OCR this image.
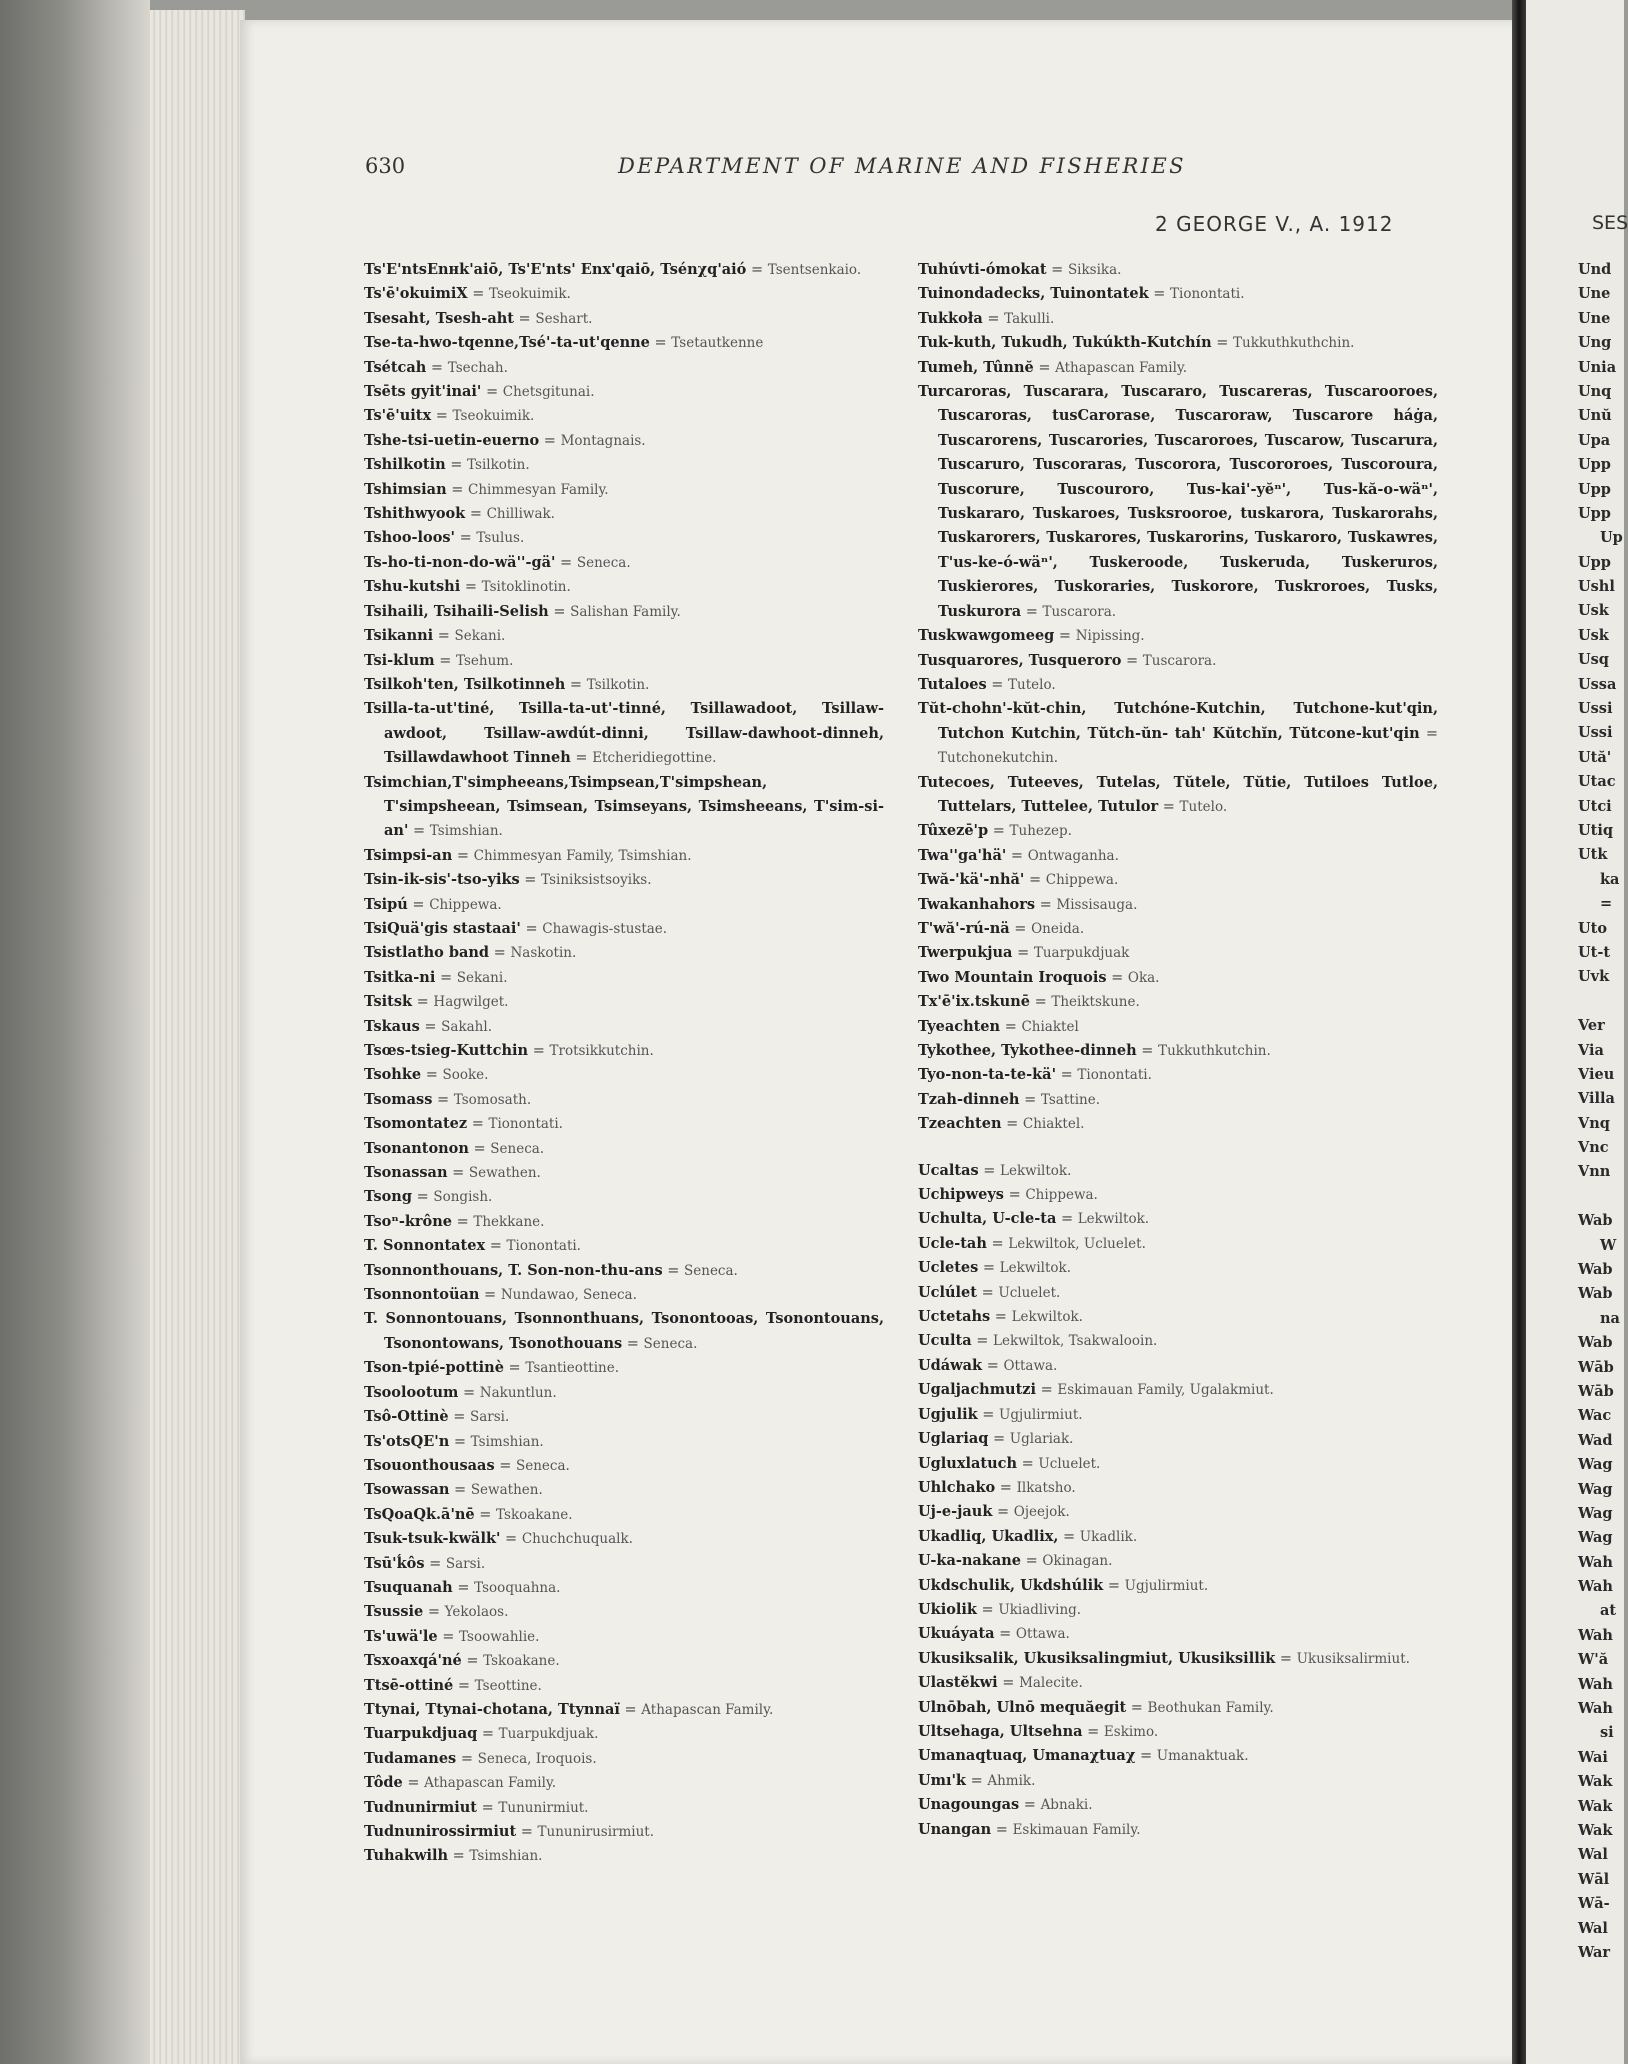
630	DEPARTMENT OF MARINE AND FISHERIES
2 GEORGE V., A. 1912

Ts'E'ntsEnнk'aiō, Ts'E'nts' Enx'qaiō, Tsénχq'aió = Tsentsenkaio.

Ts'ē'okuimiX = Tseokuimik.

Tsesaht, Tsesh-aht = Seshart.

Tse-ta-hwo-tqenne,Tsé'-ta-ut'qenne = Tsetautkenne

Tsétcah = Tsechah.

Tsēts gyit'inai' = Chetsgitunai.

Ts'ē'uitx = Tseokuimik.

Tshe-tsi-uetin-euerno = Montagnais.

Tshilkotin = Tsilkotin.

Tshimsian = Chimmesyan Family.

Tshithwyook = Chilliwak.

Tshoo-loos' = Tsulus.

Ts-ho-ti-non-do-wä''-gä' = Seneca.

Tshu-kutshi = Tsitoklinotin.

Tsihaili, Tsihaili-Selish = Salishan Family.

Tsikanni = Sekani.

Tsi-klum = Tsehum.

Tsilkoh'ten, Tsilkotinneh = Tsilkotin.

Tsilla-ta-ut'tiné, Tsilla-ta-ut'-tinné, Tsillawadoot, Tsillaw-awdoot, Tsillaw-awdút-dinni, Tsillaw-dawhoot-dinneh, Tsillawdawhoot Tinneh = Etcheridiegottine.

Tsimchian,T'simpheeans,Tsimpsean,T'simpshean, T'simpsheean, Tsimsean, Tsimseyans, Tsimsheeans, T'sim-si-an' = Tsimshian.

Tsimpsi-an = Chimmesyan Family, Tsimshian.

Tsin-ik-sis'-tso-yiks = Tsiniksistsoyiks.

Tsipú = Chippewa.

TsiQuä'gis stastaai' = Chawagis-stustae.

Tsistlatho band = Naskotin.

Tsitka-ni = Sekani.

Tsitsk = Hagwilget.

Tskaus = Sakahl.

Tsœs-tsieg-Kuttchin = Trotsikkutchin.

Tsohke = Sooke.

Tsomass = Tsomosath.

Tsomontatez = Tionontati.

Tsonantonon = Seneca.

Tsonassan = Sewathen.

Tsong = Songish.

Tsoⁿ-krône = Thekkane.

T. Sonnontatex = Tionontati.

Tsonnonthouans, T. Son-non-thu-ans = Seneca.

Tsonnontoüan = Nundawao, Seneca.

T. Sonnontouans, Tsonnonthuans, Tsonontooas, Tsonontouans, Tsonontowans, Tsonothouans = Seneca.

Tson-tpié-pottinè = Tsantieottine.

Tsoolootum = Nakuntlun.

Tsô-Ottinè = Sarsi.

Ts'otsQE'n = Tsimshian.

Tsouonthousaas = Seneca.

Tsowassan = Sewathen.

TsQoaQk.ā'nē = Tskoakane.

Tsuk-tsuk-kwälk' = Chuchchuqualk.

Tsū'ḱôs = Sarsi.

Tsuquanah = Tsooquahna.

Tsussie = Yekolaos.

Ts'uwä'le = Tsoowahlie.

Tsxoaxqá'né = Tskoakane.

Ttsē-ottiné = Tseottine.

Ttynai, Ttynai-chotana, Ttynnaï = Athapascan Family.

Tuarpukdjuaq = Tuarpukdjuak.

Tudamanes = Seneca, Iroquois.

Tôde = Athapascan Family.

Tudnunirmiut = Tununirmiut.

Tudnunirossirmiut = Tununirusirmiut.

Tuhakwilh = Tsimshian.

Tuhúvti-ómokat = Siksika.

Tuinondadecks, Tuinontatek = Tionontati.

Tukkoła = Takulli.

Tuk-kuth, Tukudh, Tukúkth-Kutchín = Tukkuthkuthchin.

Tumeh, Tûnnĕ = Athapascan Family.

Turcaroras, Tuscarara, Tuscararo, Tuscareras, Tuscarooroes, Tuscaroras, tusCarorase, Tuscaroraw, Tuscarore háġa, Tuscarorens, Tuscarories, Tuscaroroes, Tuscarow, Tuscarura, Tuscaruro, Tuscoraras, Tuscorora, Tuscororoes, Tuscoroura, Tuscorure, Tuscouroro, Tus-kai'-yĕⁿ', Tus-kă-o-wäⁿ', Tuskararo, Tuskaroes, Tusksrooroe, tuskarora, Tuskarorahs, Tuskarorers, Tuskarores, Tuskarorins, Tuskaroro, Tuskawres, T'us-ke-ó-wäⁿ', Tuskeroode, Tuskeruda, Tuskeruros, Tuskierores, Tuskoraries, Tuskorore, Tuskroroes, Tusks, Tuskurora = Tuscarora.

Tuskwawgomeeg = Nipissing.

Tusquarores, Tusqueroro = Tuscarora.

Tutaloes = Tutelo.

Tŭt-chohn'-kŭt-chin, Tutchóne-Kutchin, Tutchone-kut'qin, Tutchon Kutchin, Tŭtch-ŭn- tah' Kŭtchĭn, Tŭtcone-kut'qin = Tutchonekutchin.

Tutecoes, Tuteeves, Tutelas, Tŭtele, Tŭtie, Tutiloes Tutloe, Tuttelars, Tuttelee, Tutulor = Tutelo.

Tûxezē'p = Tuhezep.

Twa''ga'hä' = Ontwaganha.

Twă-'kä'-nhă' = Chippewa.

Twakanhahors = Missisauga.

T'wă'-rú-nä = Oneida.

Twerpukjua = Tuarpukdjuak

Two Mountain Iroquois = Oka.

Tx'ē'ix.tskunē = Theiktskune.

Tyeachten = Chiaktel

Tykothee, Tykothee-dinneh = Tukkuthkutchin.

Tyo-non-ta-te-kä' = Tionontati.

Tzah-dinneh = Tsattine.

Tzeachten = Chiaktel.

Ucaltas = Lekwiltok.

Uchipweys = Chippewa.

Uchulta, U-cle-ta = Lekwiltok.

Ucle-tah = Lekwiltok, Ucluelet.

Ucletes = Lekwiltok.

Uclúlet = Ucluelet.

Uctetahs = Lekwiltok.

Uculta = Lekwiltok, Tsakwalooin.

Udáwak = Ottawa.

Ugaljachmutzi = Eskimauan Family, Ugalakmiut.

Ugjulik = Ugjulirmiut.

Uglariaq = Uglariak.

Ugluxlatuch = Ucluelet.

Uhlchako = Ilkatsho.

Uj-e-jauk = Ojeejok.

Ukadliq, Ukadlix, = Ukadlik.

U-ka-nakane = Okinagan.

Ukdschulik, Ukdshúlik = Ugjulirmiut.

Ukiolik = Ukiadliving.

Ukuáyata = Ottawa.

Ukusiksalik, Ukusiksalingmiut, Ukusiksillik = Ukusiksalirmiut.

Ulastĕkwi = Malecite.

Ulnōbah, Ulnō mequăegit = Beothukan Family.

Ultsehaga, Ultsehna = Eskimo.

Umanaqtuaq, Umanaχtuaχ = Umanaktuak.

Umı'k = Ahmik.

Unagoungas = Abnaki.

Unangan = Eskimauan Family.

SES
Und
Une
Une
Ung
Unia
Unq
Unŭ
Upa
Upp
Upp
Upp
Up
Upp
Ushl
Usk
Usk
Usq
Ussa
Ussi
Ussi
Ută'
Utac
Utci
Utiq
Utk
ka
=
Uto
Ut-t
Uvk
Ver
Via
Vieu
Villa
Vnq
Vnc
Vnn
Wab
W
Wab
Wab
na
Wab
Wāb
Wāb
Wac
Wad
Wag
Wag
Wag
Wag
Wah
Wah
at
Wah
W'ă
Wah
Wah
si
Wai
Wak
Wak
Wak
Wal
Wāl
Wā-
Wal
War
